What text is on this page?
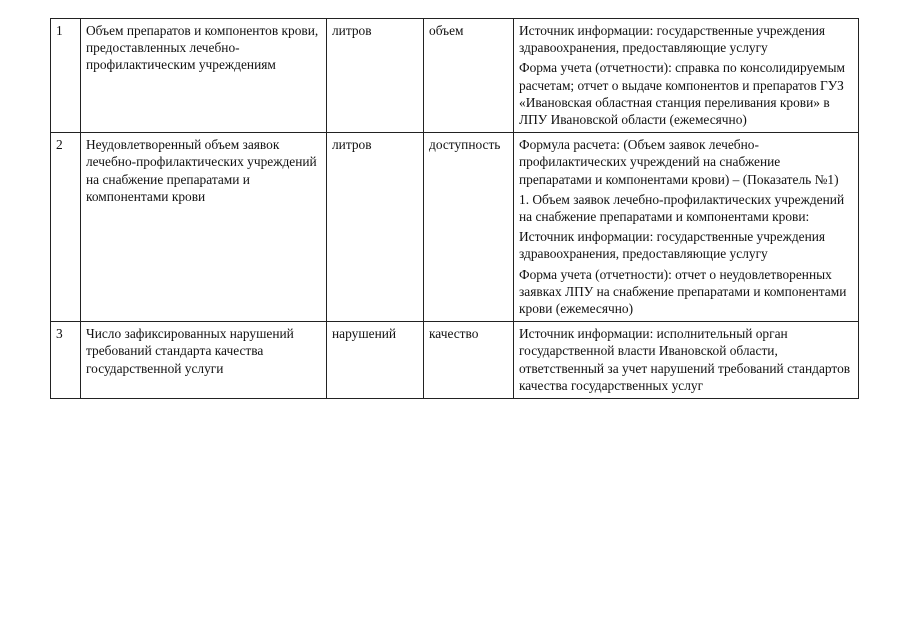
1	Объем препаратов и компонентов крови, предоставленных лечебно-профилактическим учреждениям	литров	объем	Источник информации: государственные учреждения здравоохранения, предоставляющие услугу

Форма учета (отчетности): справка по консолидируемым расчетам; отчет о выдаче компонентов и препаратов ГУЗ «Ивановская областная станция переливания крови» в ЛПУ Ивановской области (ежемесячно)

2	Неудовлетворенный объем заявок лечебно-профилактических учреждений на снабжение препаратами и компонентами крови	литров	доступность	Формула расчета: (Объем заявок лечебно-профилактических учреждений на снабжение препаратами и компонентами крови) – (Показатель №1)

1. Объем заявок лечебно-профилактических учреждений на снабжение препаратами и компонентами крови:

Источник информации: государственные учреждения здравоохранения, предоставляющие услугу

Форма учета (отчетности): отчет о неудовлетворенных заявках ЛПУ на снабжение препаратами и компонентами крови (ежемесячно)

3	Число зафиксированных нарушений требований стандарта качества государственной услуги	нарушений	качество	Источник информации: исполнительный орган государственной власти Ивановской области, ответственный за учет нарушений требований стандартов качества государственных услуг
